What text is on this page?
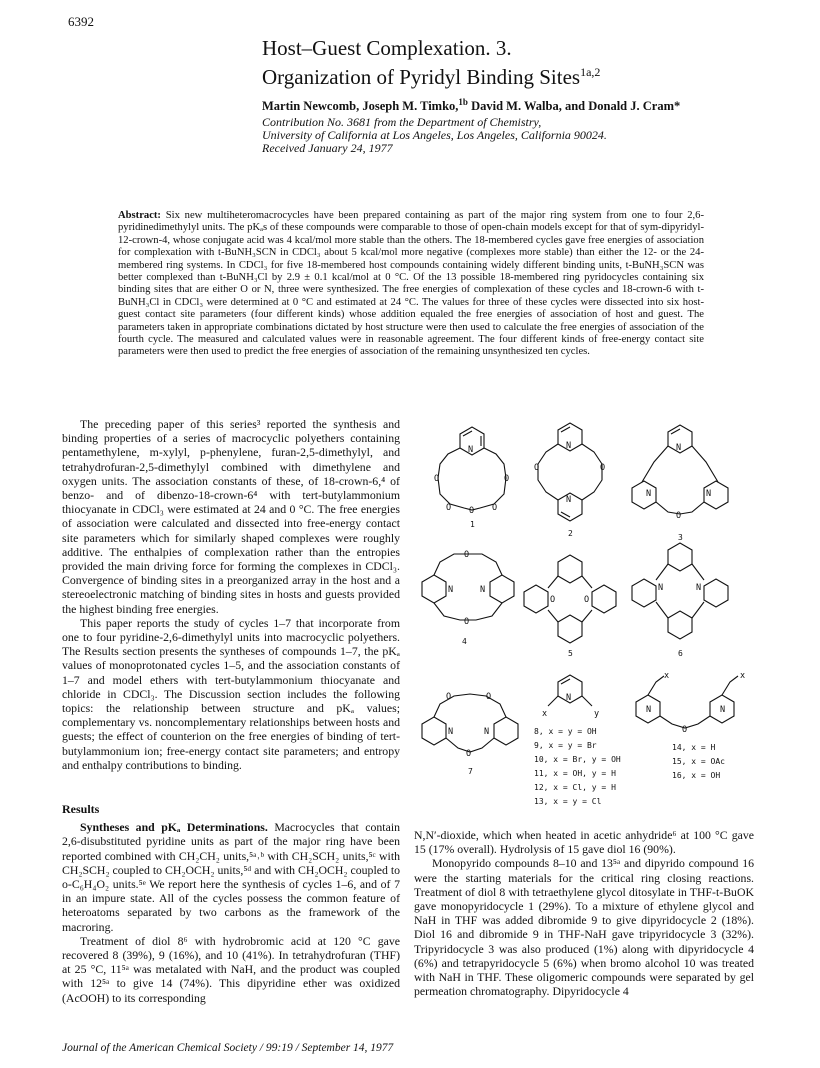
6392
Host–Guest Complexation. 3.
Organization of Pyridyl Binding Sites$^{1a,2}$
Martin Newcomb, Joseph M. Timko,$^{1b}$ David M. Walba, and Donald J. Cram*
Contribution No. 3681 from the Department of Chemistry,
University of California at Los Angeles, Los Angeles, California 90024.
Received January 24, 1977
Abstract: Six new multiheteromacrocycles have been prepared containing as part of the major ring system from one to four 2,6-pyridinedimethylyl units. The pKₐs of these compounds were comparable to those of open-chain models except for that of sym-dipyridyl-12-crown-4, whose conjugate acid was 4 kcal/mol more stable than the others. The 18-membered cycles gave free energies of association for complexation with t-BuNH₃SCN in CDCl₃ about 5 kcal/mol more negative (complexes more stable) than either the 12- or the 24-membered ring systems. In CDCl₃ for five 18-membered host compounds containing widely different binding units, t-BuNH₃SCN was better complexed than t-BuNH₃Cl by 2.9 ± 0.1 kcal/mol at 0 °C. Of the 13 possible 18-membered ring pyridocycles containing six binding sites that are either O or N, three were synthesized. The free energies of complexation of these cycles and 18-crown-6 with t-BuNH₃Cl in CDCl₃ were determined at 0 °C and estimated at 24 °C. The values for three of these cycles were dissected into six host-guest contact site parameters (four different kinds) whose addition equaled the free energies of association of host and guest. The parameters taken in appropriate combinations dictated by host structure were then used to calculate the free energies of association of the fourth cycle. The measured and calculated values were in reasonable agreement. The four different kinds of free-energy contact site parameters were then used to predict the free energies of association of the remaining unsynthesized ten cycles.

The preceding paper of this series³ reported the synthesis and binding properties of a series of macrocyclic polyethers containing pentamethylene, m-xylyl, p-phenylene, furan-2,5-dimethylyl, and tetrahydrofuran-2,5-dimethylyl combined with dimethylene and oxygen units. The association constants of these, of 18-crown-6,⁴ of benzo- and of dibenzo-18-crown-6⁴ with tert-butylammonium thiocyanate in CDCl₃ were estimated at 24 and 0 °C. The free energies of association were calculated and dissected into free-energy contact site parameters which for similarly shaped complexes were roughly additive. The enthalpies of complexation rather than the entropies provided the main driving force for forming the complexes in CDCl₃. Convergence of binding sites in a preorganized array in the host and a stereoelectronic matching of binding sites in hosts and guests provided the highest binding free energies.

This paper reports the study of cycles 1–7 that incorporate from one to four pyridine-2,6-dimethylyl units into macrocyclic polyethers. The Results section presents the syntheses of compounds 1–7, the pKₐ values of monoprotonated cycles 1–5, and the association constants of 1–7 and model ethers with tert-butylammonium thiocyanate and chloride in CDCl₃. The Discussion section includes the following topics: the relationship between structure and pKₐ values; complementary vs. noncomplementary relationships between hosts and guests; the effect of counterion on the free energies of binding of tert-butylammonium ion; free-energy contact site parameters; and entropy and enthalpy contributions to binding.

Results

Syntheses and pKₐ Determinations. Macrocycles that contain 2,6-disubstituted pyridine units as part of the major ring have been reported combined with CH₂CH₂ units,⁵ᵃ˒ᵇ with CH₂SCH₂ units,⁵ᶜ with CH₂SCH₂ coupled to CH₂OCH₂ units,⁵ᵈ and with CH₂OCH₂ coupled to o-C₆H₄O₂ units.⁵ᵉ We report here the synthesis of cycles 1–6, and of 7 in an impure state. All of the cycles possess the common feature of heteroatoms separated by two carbons as the framework of the macroring.

Treatment of diol 8⁶ with hydrobromic acid at 120 °C gave recovered 8 (39%), 9 (16%), and 10 (41%). In tetrahydrofuran (THF) at 25 °C, 11⁵ᵃ was metalated with NaH, and the product was coupled with 12⁵ᵃ to give 14 (74%). This dipyridine ether was oxidized (AcOOH) to its corresponding

N,N′-dioxide, which when heated in acetic anhydride⁶ at 100 °C gave 15 (17% overall). Hydrolysis of 15 gave diol 16 (90%).

Monopyrido compounds 8–10 and 13⁵ᵃ and dipyrido compound 16 were the starting materials for the critical ring closing reactions. Treatment of diol 8 with tetraethylene glycol ditosylate in THF-t-BuOK gave monopyridocycle 1 (29%). To a mixture of ethylene glycol and NaH in THF was added dibromide 9 to give dipyridocycle 2 (18%). Diol 16 and dibromide 9 in THF-NaH gave tripyridocycle 3 (32%). Tripyridocycle 3 was also produced (1%) along with dipyridocycle 4 (6%) and tetrapyridocycle 5 (6%) when bromo alcohol 10 was treated with NaH in THF. These oligomeric compounds were separated by gel permeation chromatography. Dipyridocycle 4

N
O	O
O	O
O
1
N
O	O
N
2
N
N	N
O
3
N	N
O
O
4
O	O
5
N	N
6
N	N
O	O
O
7
N
x	y
8, x = y = OH
9, x = y = Br
10, x = Br, y = OH
11, x = OH, y = H
12, x = Cl, y = H
13, x = y = Cl
N	N
O
x	x
14, x = H
15, x = OAc
16, x = OH
Journal of the American Chemical Society / 99:19 / September 14, 1977
